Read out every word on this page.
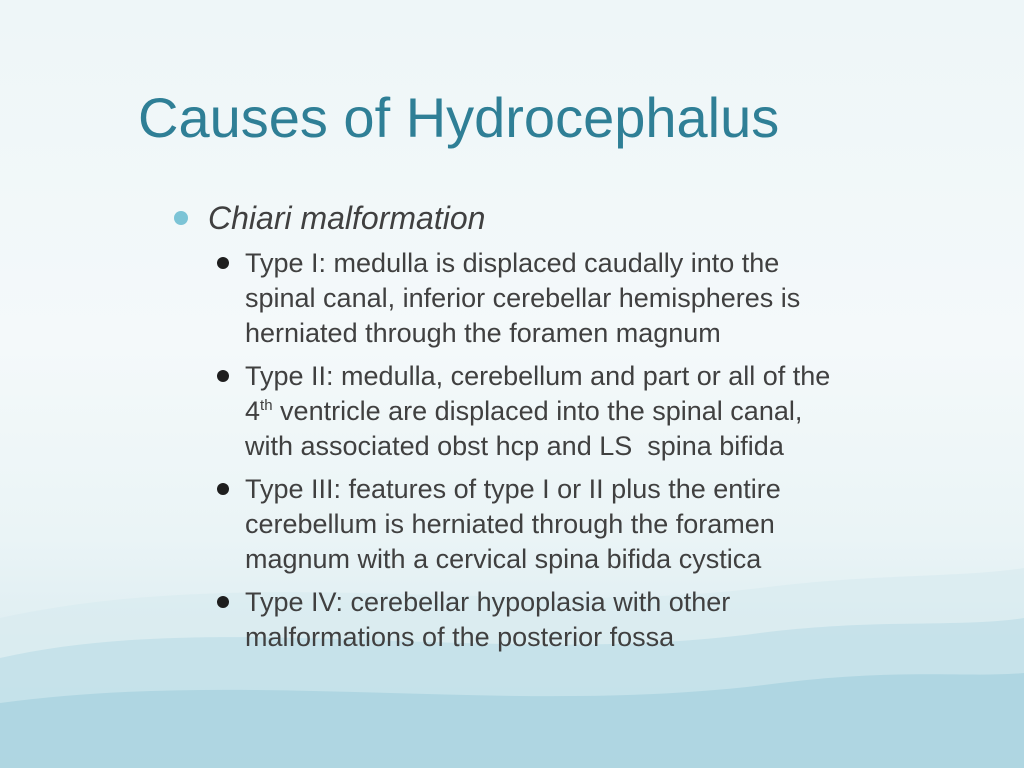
Causes of Hydrocephalus
Chiari malformation
Type I: medulla is displaced caudally into the
spinal canal, inferior cerebellar hemispheres is
herniated through the foramen magnum
Type II: medulla, cerebellum and part or all of the
4th ventricle are displaced into the spinal canal,
with associated obst hcp and LS  spina bifida
Type III: features of type I or II plus the entire
cerebellum is herniated through the foramen
magnum with a cervical spina bifida cystica
Type IV: cerebellar hypoplasia with other
malformations of the posterior fossa
